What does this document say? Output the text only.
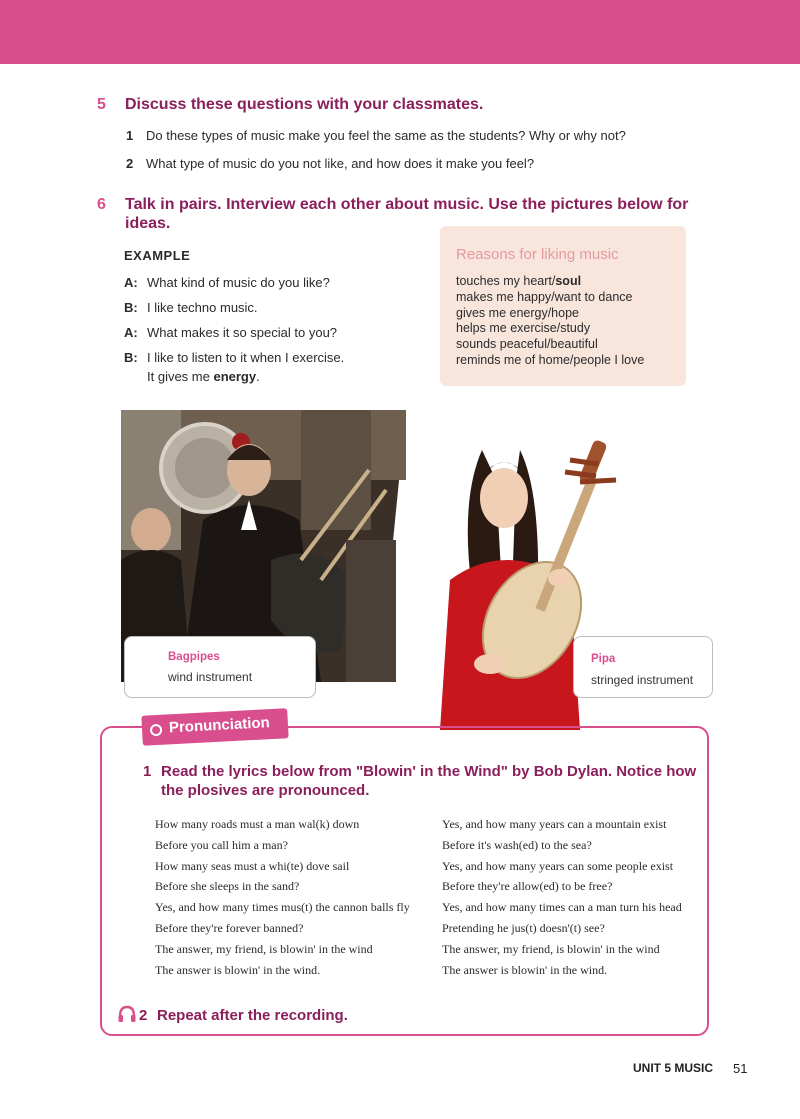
5 Discuss these questions with your classmates.
1 Do these types of music make you feel the same as the students? Why or why not?
2 What type of music do you not like, and how does it make you feel?
6 Talk in pairs. Interview each other about music. Use the pictures below for
ideas.
EXAMPLE
A: What kind of music do you like?
B: I like techno music.
A: What makes it so special to you?
B: I like to listen to it when I exercise.
It gives me energy.
Reasons for liking music
touches my heart/soul
makes me happy/want to dance
gives me energy/hope
helps me exercise/study
sounds peaceful/beautiful
reminds me of home/people I love
Bagpipes
wind instrument
Pipa
stringed instrument
Pronunciation
1 Read the lyrics below from "Blowin' in the Wind" by Bob Dylan. Notice how
the plosives are pronounced.
How many roads must a man wal(k) down
Before you call him a man?
How many seas must a whi(te) dove sail
Before she sleeps in the sand?
Yes, and how many times mus(t) the cannon balls fly
Before they're forever banned?
The answer, my friend, is blowin' in the wind
The answer is blowin' in the wind.
Yes, and how many years can a mountain exist
Before it's wash(ed) to the sea?
Yes, and how many years can some people exist
Before they're allow(ed) to be free?
Yes, and how many times can a man turn his head
Pretending he jus(t) doesn'(t) see?
The answer, my friend, is blowin' in the wind
The answer is blowin' in the wind.
2 Repeat after the recording.
UNIT 5 MUSIC 51
